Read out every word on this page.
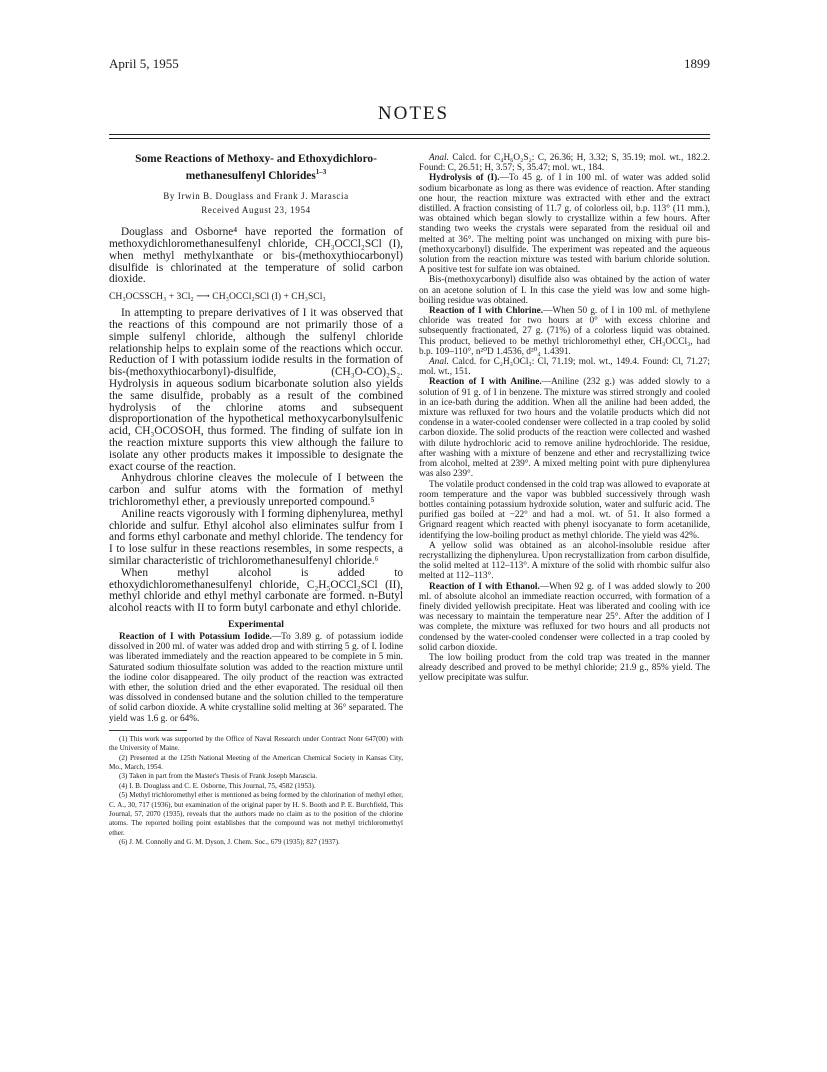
April 5, 1955	1899
NOTES
Some Reactions of Methoxy- and Ethoxydichloro-
methanesulfenyl Chlorides$^{1-3}$
By Irwin B. Douglass and Frank J. Marascia
Received August 23, 1954

Douglass and Osborne⁴ have reported the formation of methoxydichloromethanesulfenyl chloride, CH₃OCCl₂SCl (I), when methyl methylxanthate or bis-(methoxythiocarbonyl) disulfide is chlorinated at the temperature of solid carbon dioxide.

CH₃OCSSCH₃ + 3Cl₂ ⟶ CH₃OCCl₂SCl (I) + CH₃SCl₃

In attempting to prepare derivatives of I it was observed that the reactions of this compound are not primarily those of a simple sulfenyl chloride, although the sulfenyl chloride relationship helps to explain some of the reactions which occur. Reduction of I with potassium iodide results in the formation of bis-(methoxythiocarbonyl)-disulfide, (CH₃O-CO)₂S₂. Hydrolysis in aqueous sodium bicarbonate solution also yields the same disulfide, probably as a result of the combined hydrolysis of the chlorine atoms and subsequent disproportionation of the hypothetical methoxycarbonylsulfenic acid, CH₃OCOSOH, thus formed. The finding of sulfate ion in the reaction mixture supports this view although the failure to isolate any other products makes it impossible to designate the exact course of the reaction.

Anhydrous chlorine cleaves the molecule of I between the carbon and sulfur atoms with the formation of methyl trichloromethyl ether, a previously unreported compound.⁵

Aniline reacts vigorously with I forming diphenylurea, methyl chloride and sulfur. Ethyl alcohol also eliminates sulfur from I and forms ethyl carbonate and methyl chloride. The tendency for I to lose sulfur in these reactions resembles, in some respects, a similar characteristic of trichloromethanesulfenyl chloride.⁶

When methyl alcohol is added to ethoxydichloromethanesulfenyl chloride, C₂H₅OCCl₂SCl (II), methyl chloride and ethyl methyl carbonate are formed. n-Butyl alcohol reacts with II to form butyl carbonate and ethyl chloride.

Experimental

Reaction of I with Potassium Iodide.—To 3.89 g. of potassium iodide dissolved in 200 ml. of water was added drop and with stirring 5 g. of I. Iodine was liberated immediately and the reaction appeared to be complete in 5 min. Saturated sodium thiosulfate solution was added to the reaction mixture until the iodine color disappeared. The oily product of the reaction was extracted with ether, the solution dried and the ether evaporated. The residual oil then was dissolved in condensed butane and the solution chilled to the temperature of solid carbon dioxide. A white crystalline solid melting at 36° separated. The yield was 1.6 g. or 64%.

(1) This work was supported by the Office of Naval Research under Contract Nonr 647(00) with the University of Maine.

(2) Presented at the 125th National Meeting of the American Chemical Society in Kansas City, Mo., March, 1954.

(3) Taken in part from the Master's Thesis of Frank Joseph Marascia.

(4) I. B. Douglass and C. E. Osborne, This Journal, 75, 4582 (1953).

(5) Methyl trichloromethyl ether is mentioned as being formed by the chlorination of methyl ether, C. A., 30, 717 (1936), but examination of the original paper by H. S. Booth and P. E. Burchfield, This Journal, 57, 2070 (1935), reveals that the authors made no claim as to the position of the chlorine atoms. The reported boiling point establishes that the compound was not methyl trichloromethyl ether.

(6) J. M. Connolly and G. M. Dyson, J. Chem. Soc., 679 (1935); 827 (1937).

Anal. Calcd. for C₄H₆O₂S₂: C, 26.36; H, 3.32; S, 35.19; mol. wt., 182.2. Found: C, 26.51; H, 3.57; S, 35.47; mol. wt., 184.

Hydrolysis of (I).—To 45 g. of I in 100 ml. of water was added solid sodium bicarbonate as long as there was evidence of reaction. After standing one hour, the reaction mixture was extracted with ether and the extract distilled. A fraction consisting of 11.7 g. of colorless oil, b.p. 113° (11 mm.), was obtained which began slowly to crystallize within a few hours. After standing two weeks the crystals were separated from the residual oil and melted at 36°. The melting point was unchanged on mixing with pure bis-(methoxycarbonyl) disulfide. The experiment was repeated and the aqueous solution from the reaction mixture was tested with barium chloride solution. A positive test for sulfate ion was obtained.

Bis-(methoxycarbonyl) disulfide also was obtained by the action of water on an acetone solution of I. In this case the yield was low and some high-boiling residue was obtained.

Reaction of I with Chlorine.—When 50 g. of I in 100 ml. of methylene chloride was treated for two hours at 0° with excess chlorine and subsequently fractionated, 27 g. (71%) of a colorless liquid was obtained. This product, believed to be methyl trichloromethyl ether, CH₃OCCl₃, had b.p. 109–110°, n²⁰D 1.4536, d²⁰₄ 1.4391.

Anal. Calcd. for C₂H₃OCl₃: Cl, 71.19; mol. wt., 149.4. Found: Cl, 71.27; mol. wt., 151.

Reaction of I with Aniline.—Aniline (232 g.) was added slowly to a solution of 91 g. of I in benzene. The mixture was stirred strongly and cooled in an ice-bath during the addition. When all the aniline had been added, the mixture was refluxed for two hours and the volatile products which did not condense in a water-cooled condenser were collected in a trap cooled by solid carbon dioxide. The solid products of the reaction were collected and washed with dilute hydrochloric acid to remove aniline hydrochloride. The residue, after washing with a mixture of benzene and ether and recrystallizing twice from alcohol, melted at 239°. A mixed melting point with pure diphenylurea was also 239°.

The volatile product condensed in the cold trap was allowed to evaporate at room temperature and the vapor was bubbled successively through wash bottles containing potassium hydroxide solution, water and sulfuric acid. The purified gas boiled at −22° and had a mol. wt. of 51. It also formed a Grignard reagent which reacted with phenyl isocyanate to form acetanilide, identifying the low-boiling product as methyl chloride. The yield was 42%.

A yellow solid was obtained as an alcohol-insoluble residue after recrystallizing the diphenylurea. Upon recrystallization from carbon disulfide, the solid melted at 112–113°. A mixture of the solid with rhombic sulfur also melted at 112–113°.

Reaction of I with Ethanol.—When 92 g. of I was added slowly to 200 ml. of absolute alcohol an immediate reaction occurred, with formation of a finely divided yellowish precipitate. Heat was liberated and cooling with ice was necessary to maintain the temperature near 25°. After the addition of I was complete, the mixture was refluxed for two hours and all products not condensed by the water-cooled condenser were collected in a trap cooled by solid carbon dioxide.

The low boiling product from the cold trap was treated in the manner already described and proved to be methyl chloride; 21.9 g., 85% yield. The yellow precipitate was sulfur.
